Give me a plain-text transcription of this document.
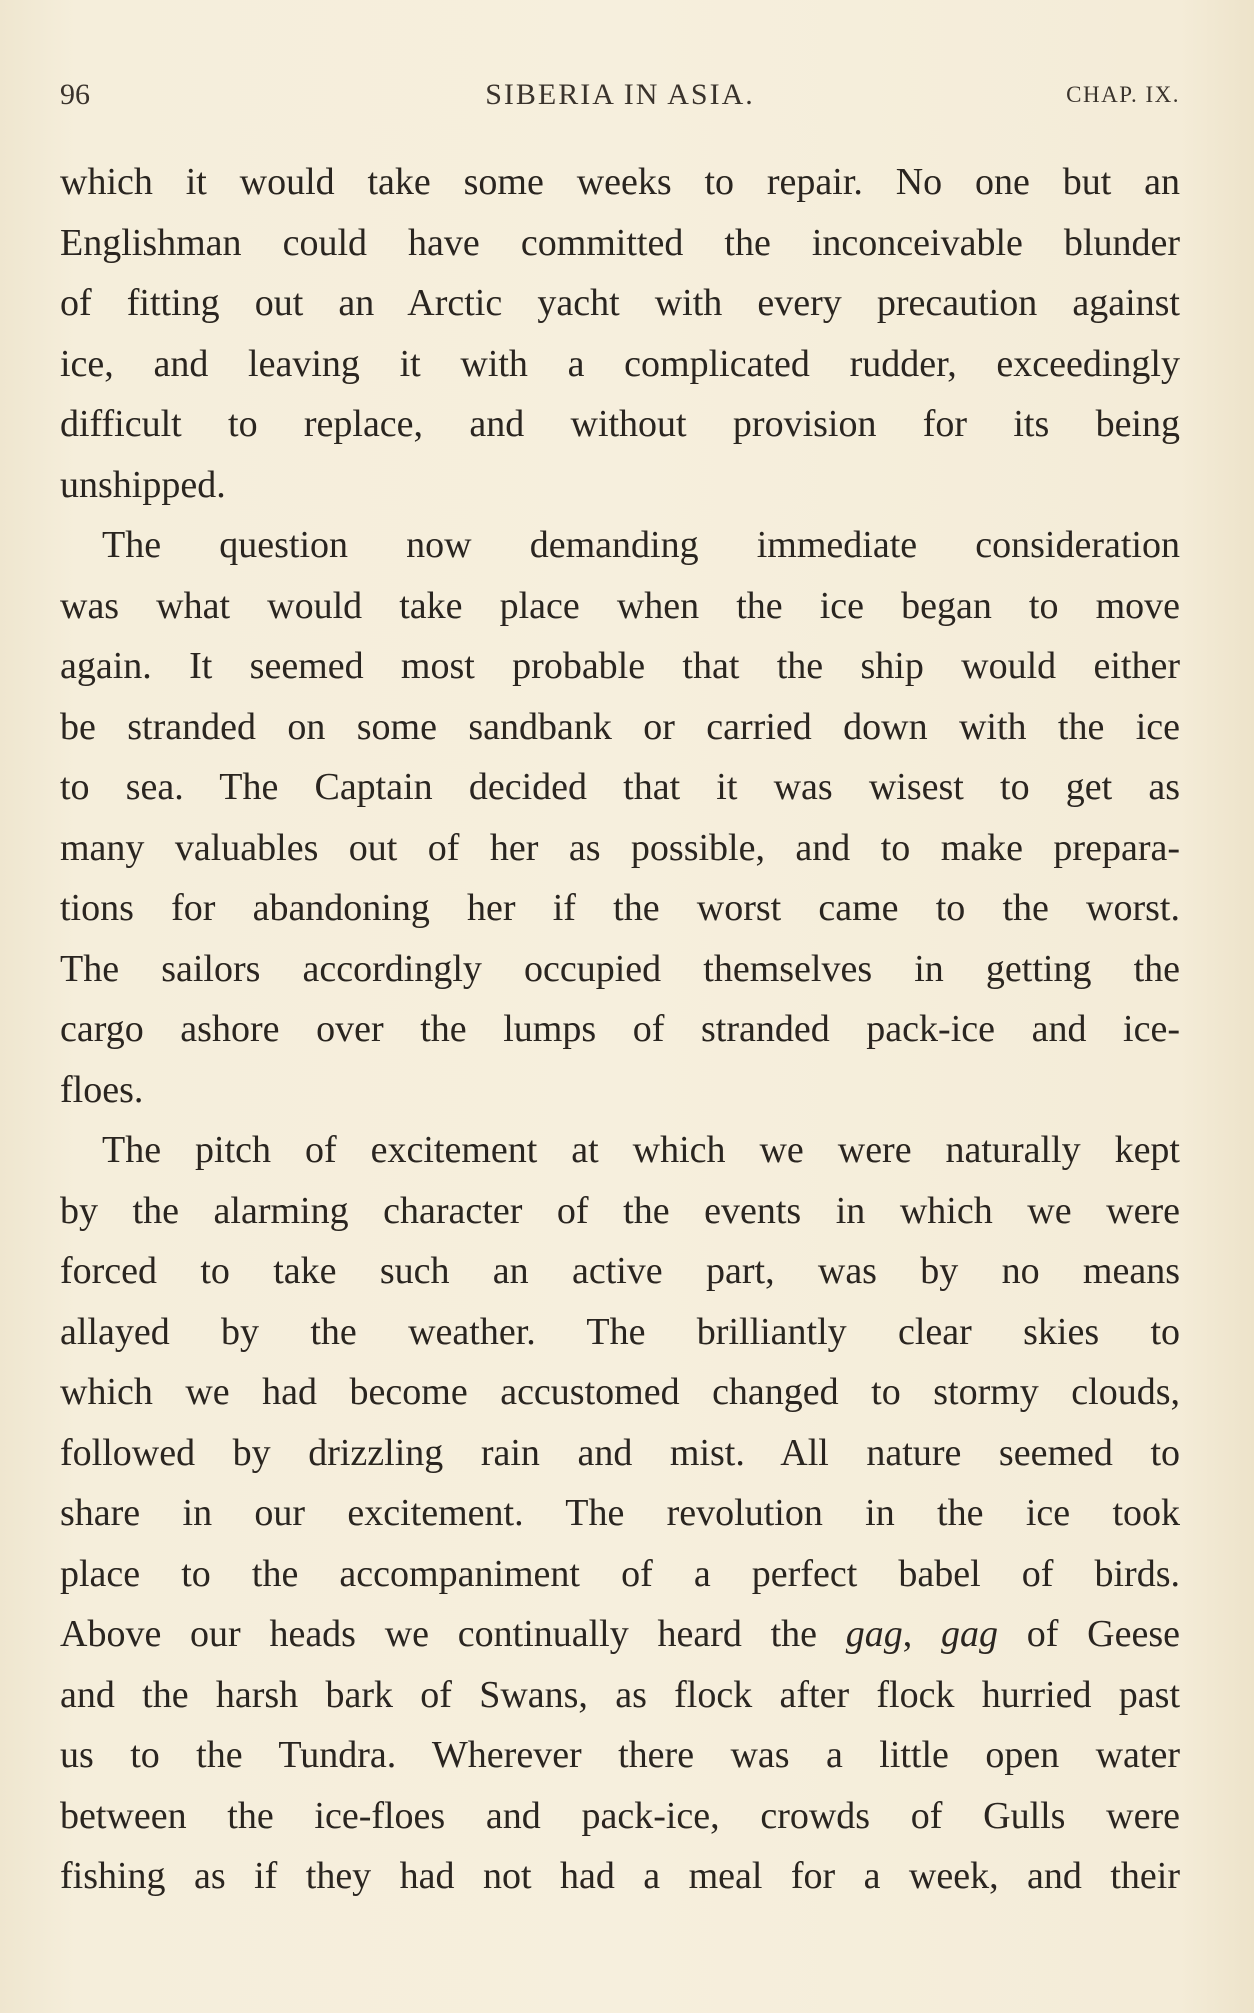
96	SIBERIA IN ASIA.	CHAP. IX.
which it would take some weeks to repair. No one but an
Englishman could have committed the inconceivable blunder
of fitting out an Arctic yacht with every precaution against
ice, and leaving it with a complicated rudder, exceedingly
difficult to replace, and without provision for its being
unshipped.
The question now demanding immediate consideration
was what would take place when the ice began to move
again. It seemed most probable that the ship would either
be stranded on some sandbank or carried down with the ice
to sea. The Captain decided that it was wisest to get as
many valuables out of her as possible, and to make prepara-
tions for abandoning her if the worst came to the worst.
The sailors accordingly occupied themselves in getting the
cargo ashore over the lumps of stranded pack-ice and ice-
floes.
The pitch of excitement at which we were naturally kept
by the alarming character of the events in which we were
forced to take such an active part, was by no means
allayed by the weather. The brilliantly clear skies to
which we had become accustomed changed to stormy clouds,
followed by drizzling rain and mist. All nature seemed to
share in our excitement. The revolution in the ice took
place to the accompaniment of a perfect babel of birds.
Above our heads we continually heard the gag, gag of Geese
and the harsh bark of Swans, as flock after flock hurried past
us to the Tundra. Wherever there was a little open water
between the ice-floes and pack-ice, crowds of Gulls were
fishing as if they had not had a meal for a week, and their
